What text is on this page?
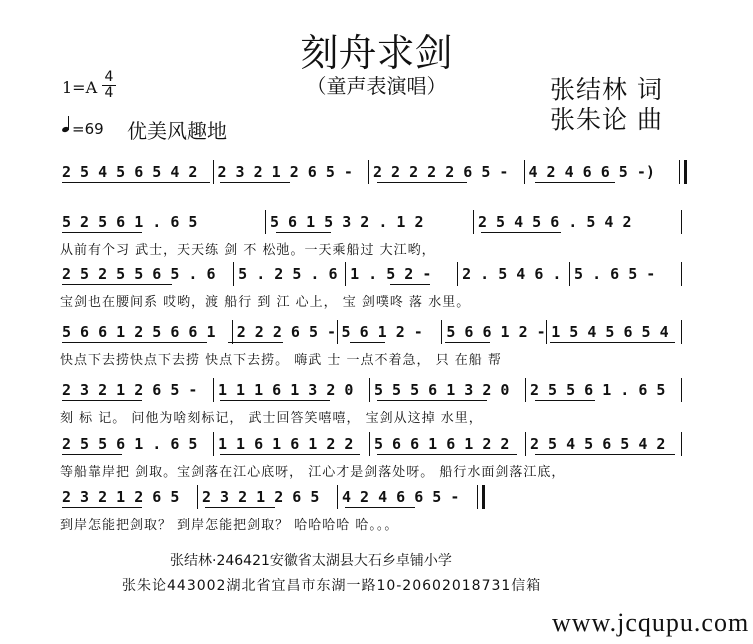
刻舟求剑
（童声表演唱）	张结林 词
张朱论 曲
1=A
4
4
=69 优美风趣地
2 5 4 5 6 5 4 2	2 3 2 1 2 6 5 -	2 2 2 2 2 6 5 -	4 2 4 6 6 5 -)
5 2 5 6 1 . 6 5	5 6 1 5 3 2 . 1 2	2 5 4 5 6 . 5 4 2
从前有个习 武士，天天练 剑 不 松弛。一天乘船过 大江哟，
2 5 2 5 5 6 5 . 6	5 . 2 5 . 6 1 . 5 2 -	2 . 5 4 6 . 5 . 6 5 -
宝剑也在腰间系 哎哟，渡 船行 到 江 心上， 宝 剑噗咚 落 水里。
5 6 6 1 2 5 6 6 1	2 2 2 6 5 - 5 6 1 2 -	5 6 6 1 2 - 1 5 4 5 6 5 4
快点下去捞快点下去捞 快点下去捞。 嗨武 士 一点不着急， 只 在船 帮
2 3 2 1 2 6 5 -	1 1 1 6 1 3 2 0	5 5 5 6 1 3 2 0	2 5 5 6 1 . 6 5
刻 标 记。 问他为啥刻标记， 武士回答笑嘻嘻， 宝剑从这掉 水里，
2 5 5 6 1 . 6 5	1 1 6 1 6 1 2 2	5 6 6 1 6 1 2 2	2 5 4 5 6 5 4 2
等船靠岸把 剑取。宝剑落在江心底呀， 江心才是剑落处呀。 船行水面剑落江底，
2 3 2 1 2 6 5	2 3 2 1 2 6 5	4 2 4 6 6 5 -
到岸怎能把剑取？ 到岸怎能把剑取？ 哈哈哈哈 哈。。。
张结林·246421安徽省太湖县大石乡卓铺小学
张朱论443002湖北省宜昌市东湖一路10-20602018731信箱
www.jcqupu.com
